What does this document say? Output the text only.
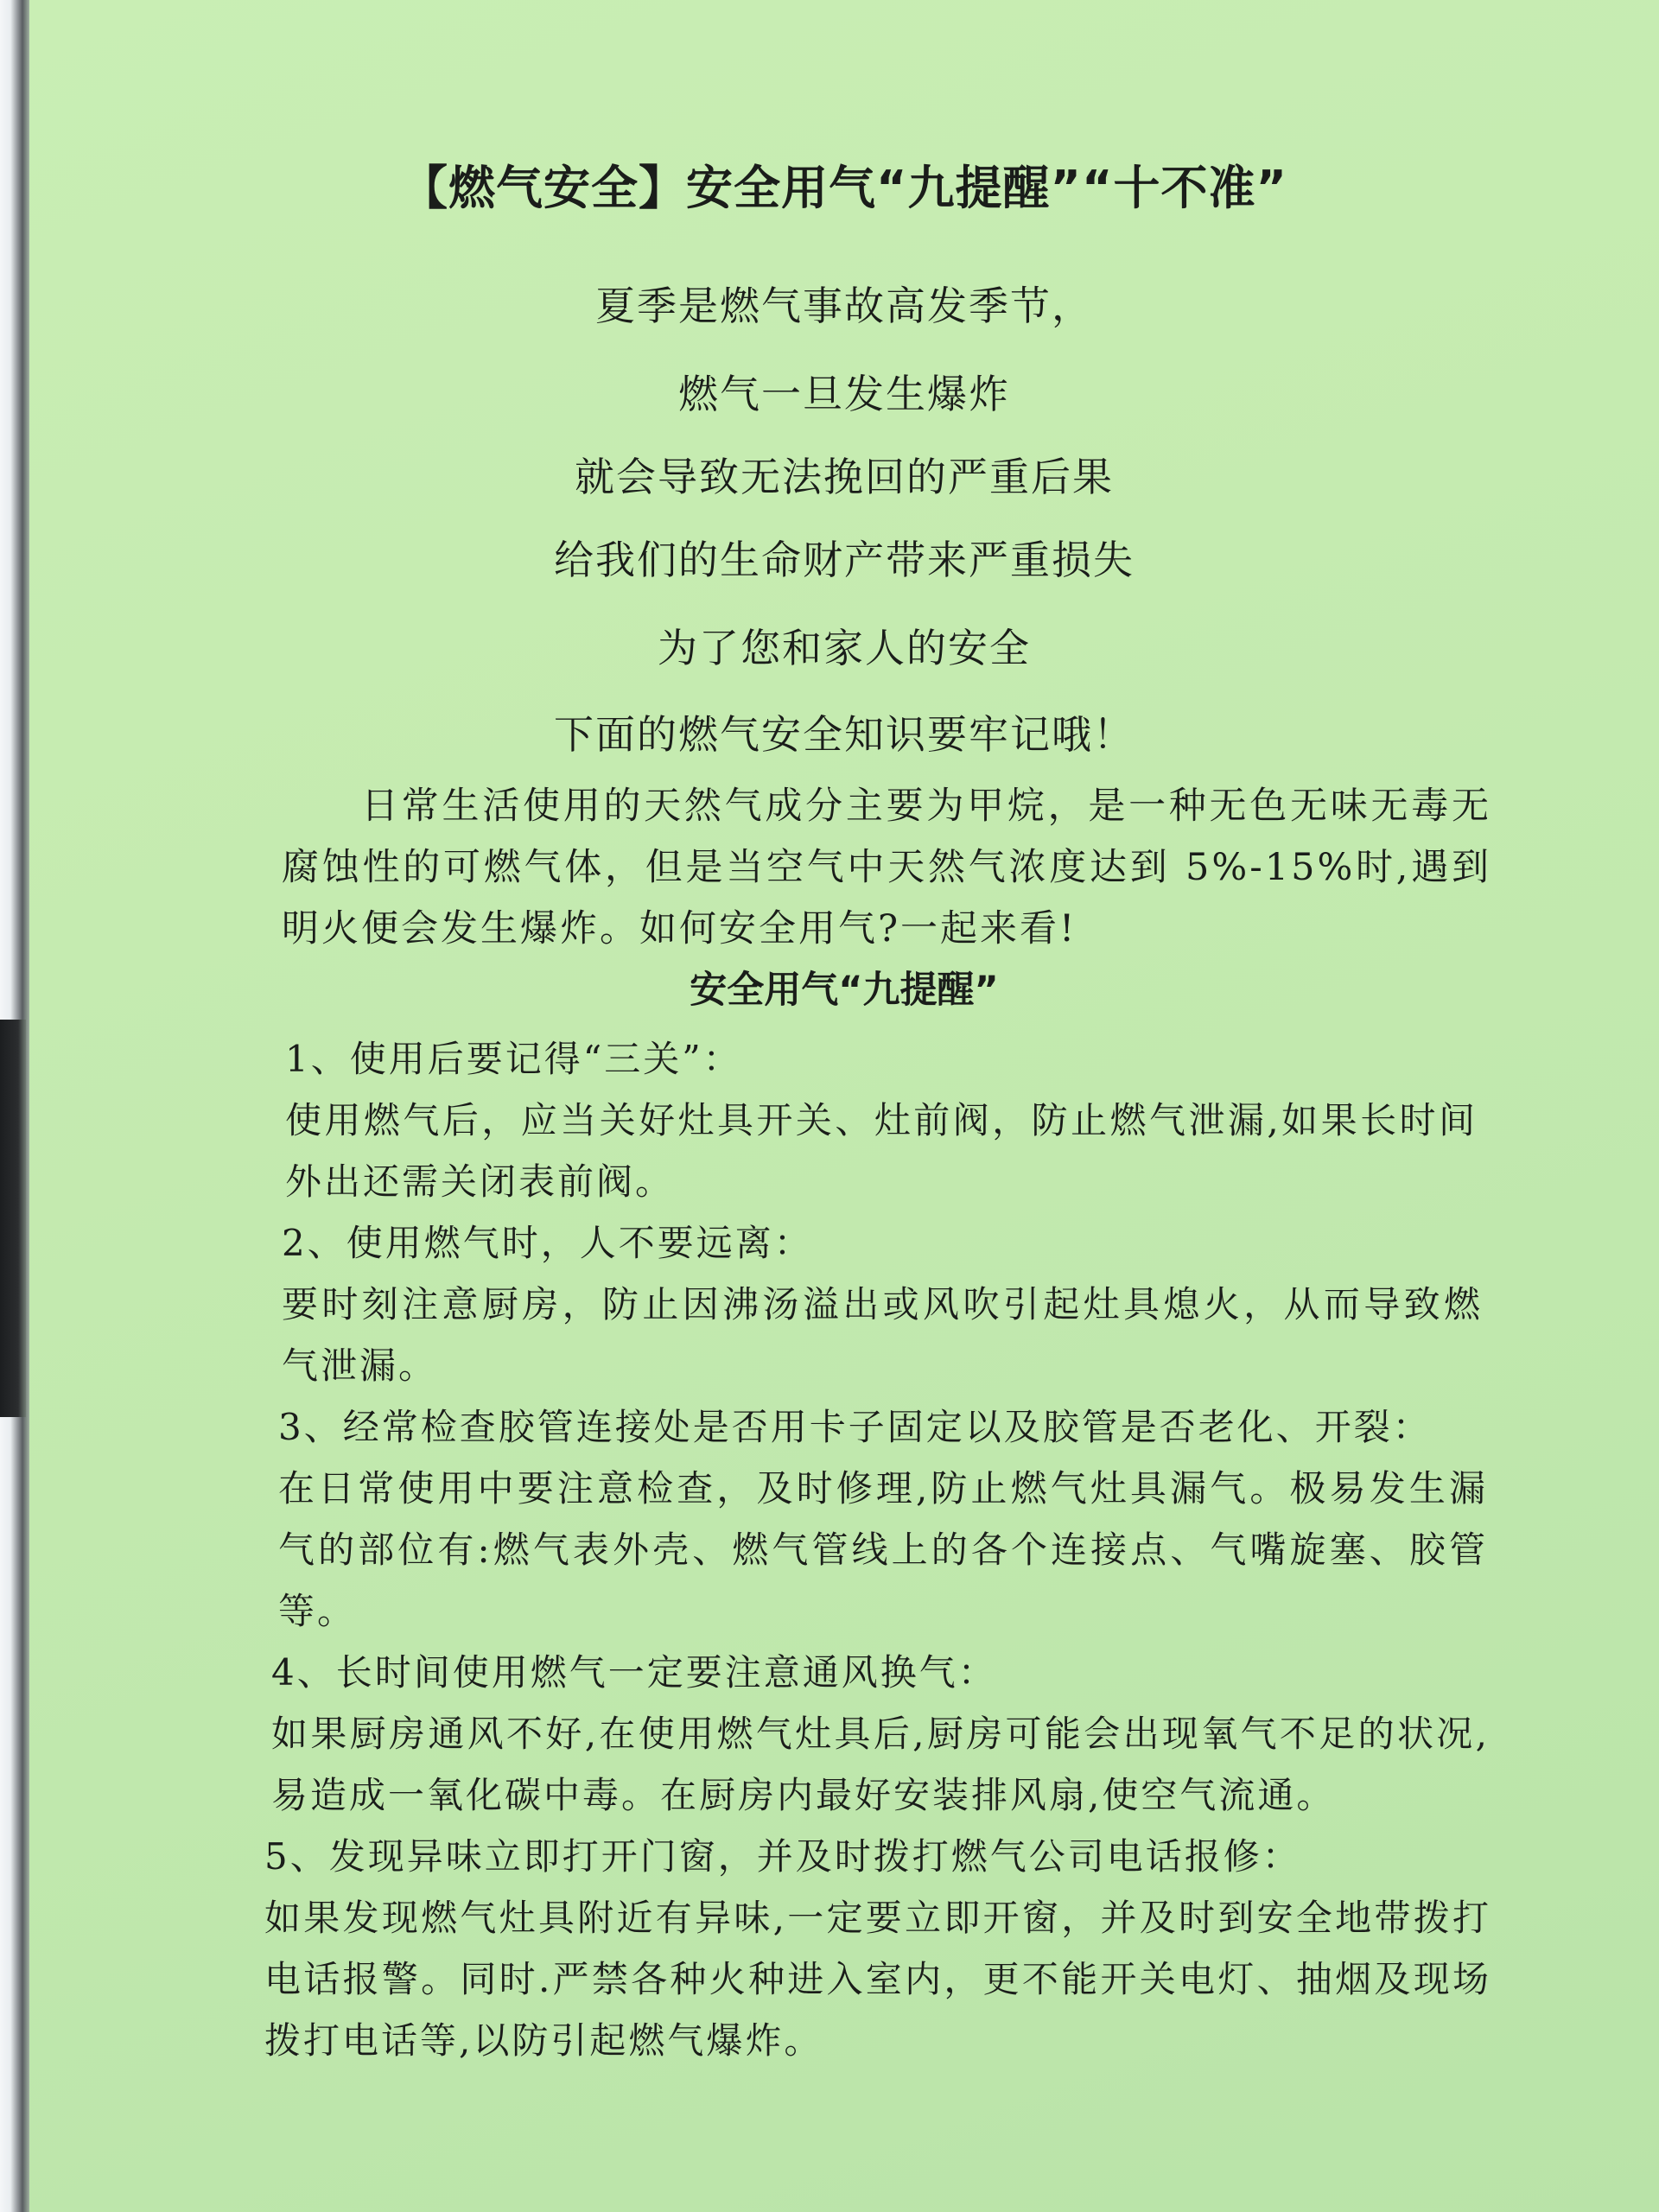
【燃气安全】安全用气“九提醒”“十不准”
夏季是燃气事故高发季节，
燃气一旦发生爆炸
就会导致无法挽回的严重后果
给我们的生命财产带来严重损失
为了您和家人的安全
下面的燃气安全知识要牢记哦！
日常生活使用的天然气成分主要为甲烷，是一种无色无味无毒无腐蚀性的可燃气体，但是当空气中天然气浓度达到 5%-15%时,遇到明火便会发生爆炸。如何安全用气?一起来看!
安全用气“九提醒”
1、使用后要记得“三关”：
使用燃气后，应当关好灶具开关、灶前阀，防止燃气泄漏,如果长时间外出还需关闭表前阀。
2、使用燃气时，人不要远离：
要时刻注意厨房，防止因沸汤溢出或风吹引起灶具熄火，从而导致燃气泄漏。
3、经常检查胶管连接处是否用卡子固定以及胶管是否老化、开裂：
在日常使用中要注意检查，及时修理,防止燃气灶具漏气。极易发生漏气的部位有:燃气表外壳、燃气管线上的各个连接点、气嘴旋塞、胶管等。
4、长时间使用燃气一定要注意通风换气：
如果厨房通风不好,在使用燃气灶具后,厨房可能会出现氧气不足的状况,易造成一氧化碳中毒。在厨房内最好安装排风扇,使空气流通。
5、发现异味立即打开门窗，并及时拨打燃气公司电话报修：
如果发现燃气灶具附近有异味,一定要立即开窗，并及时到安全地带拨打电话报警。同时.严禁各种火种进入室内，更不能开关电灯、抽烟及现场拨打电话等,以防引起燃气爆炸。
